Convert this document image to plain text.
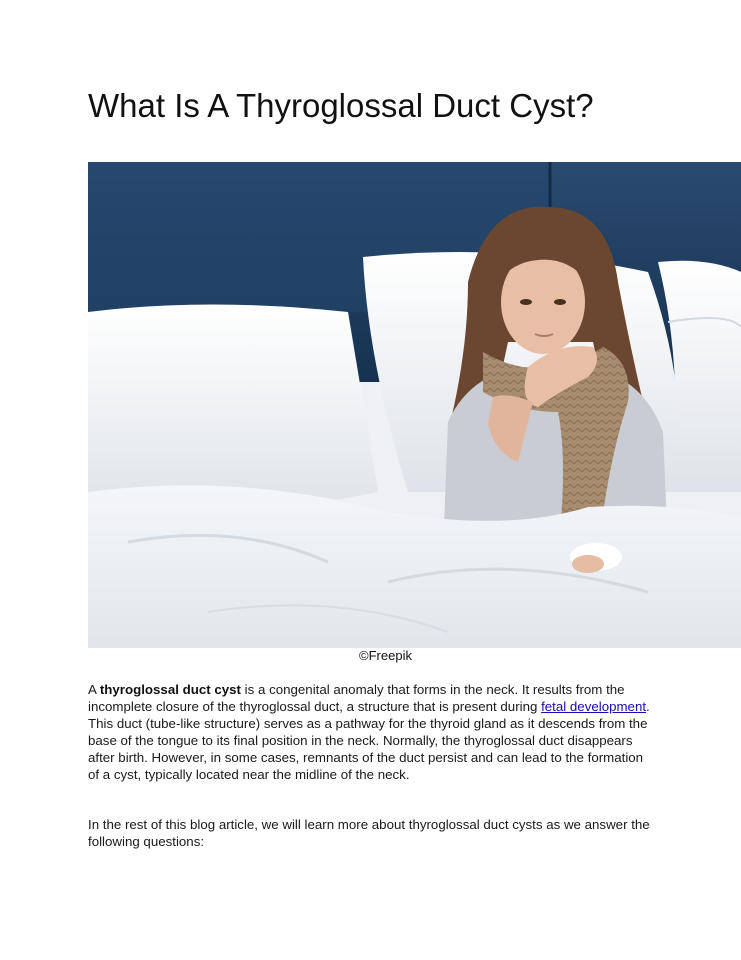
What Is A Thyroglossal Duct Cyst?
©Freepik

A thyroglossal duct cyst is a congenital anomaly that forms in the neck. It results from the incomplete closure of the thyroglossal duct, a structure that is present during fetal development. This duct (tube-like structure) serves as a pathway for the thyroid gland as it descends from the base of the tongue to its final position in the neck. Normally, the thyroglossal duct disappears after birth. However, in some cases, remnants of the duct persist and can lead to the formation of a cyst, typically located near the midline of the neck.

In the rest of this blog article, we will learn more about thyroglossal duct cysts as we answer the following questions:
